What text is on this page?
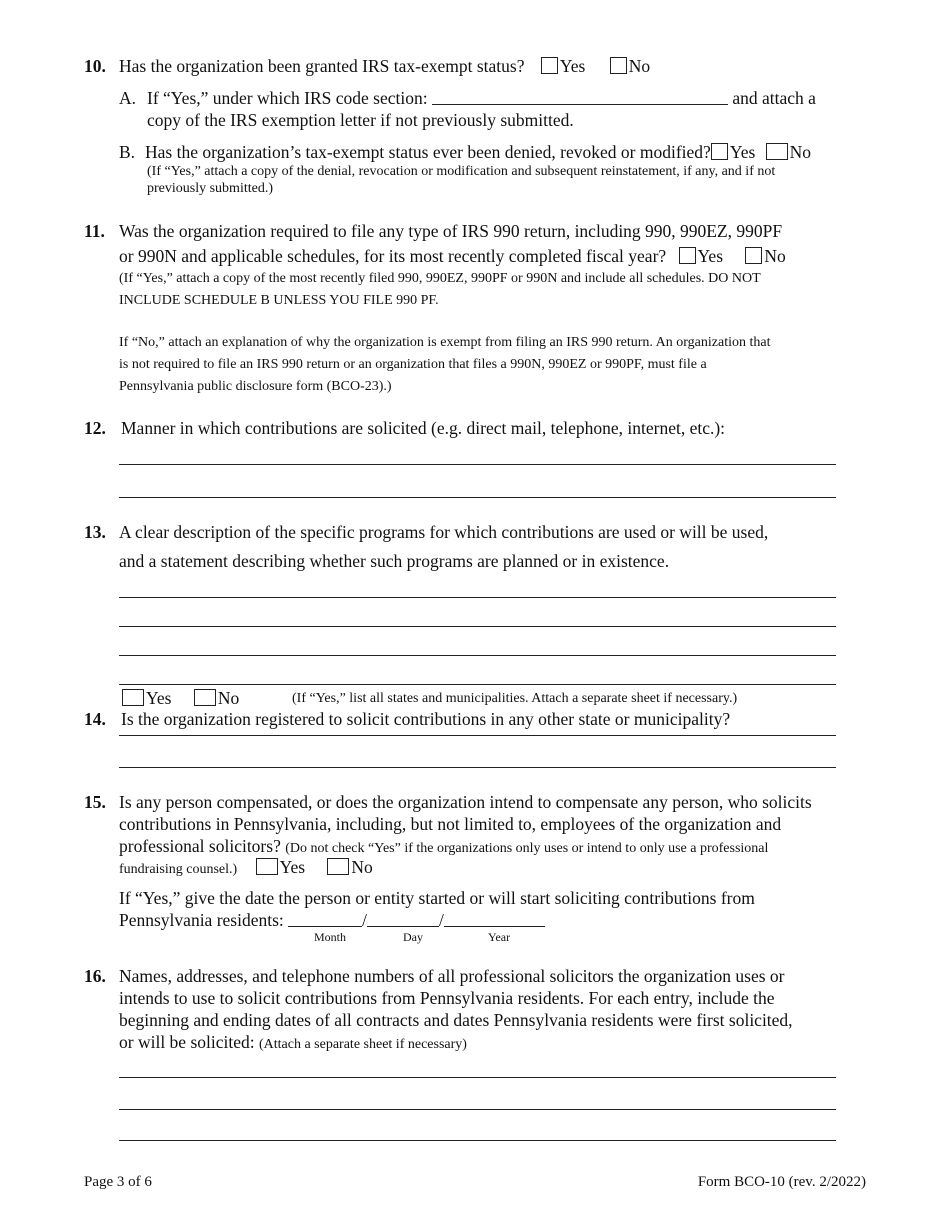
10. Has the organization been granted IRS tax-exempt status? Yes No
A. If “Yes,” under which IRS code section:	and attach a
copy of the IRS exemption letter if not previously submitted.
B. Has the organization’s tax-exempt status ever been denied, revoked or modified? Yes No
(If “Yes,” attach a copy of the denial, revocation or modification and subsequent reinstatement, if any, and if not
previously submitted.)
11. Was the organization required to file any type of IRS 990 return, including 990, 990EZ, 990PF
or 990N and applicable schedules, for its most recently completed fiscal year? Yes No
(If “Yes,” attach a copy of the most recently filed 990, 990EZ, 990PF or 990N and include all schedules. DO NOT
INCLUDE SCHEDULE B UNLESS YOU FILE 990 PF.
If “No,” attach an explanation of why the organization is exempt from filing an IRS 990 return. An organization that
is not required to file an IRS 990 return or an organization that files a 990N, 990EZ or 990PF, must file a
Pennsylvania public disclosure form (BCO-23).)
12. Manner in which contributions are solicited (e.g. direct mail, telephone, internet, etc.):
13. A clear description of the specific programs for which contributions are used or will be used,
and a statement describing whether such programs are planned or in existence.
Yes	No	(If “Yes,” list all states and municipalities. Attach a separate sheet if necessary.)
14. Is the organization registered to solicit contributions in any other state or municipality?
15. Is any person compensated, or does the organization intend to compensate any person, who solicits
contributions in Pennsylvania, including, but not limited to, employees of the organization and
professional solicitors? (Do not check “Yes” if the organizations only uses or intend to only use a professional
fundraising counsel.) Yes	No
If “Yes,” give the date the person or entity started or will start soliciting contributions from
Pennsylvania residents:	/	/
Month	Day	Year
16. Names, addresses, and telephone numbers of all professional solicitors the organization uses or
intends to use to solicit contributions from Pennsylvania residents. For each entry, include the
beginning and ending dates of all contracts and dates Pennsylvania residents were first solicited,
or will be solicited: (Attach a separate sheet if necessary)
Page 3 of 6	Form BCO-10 (rev. 2/2022)
